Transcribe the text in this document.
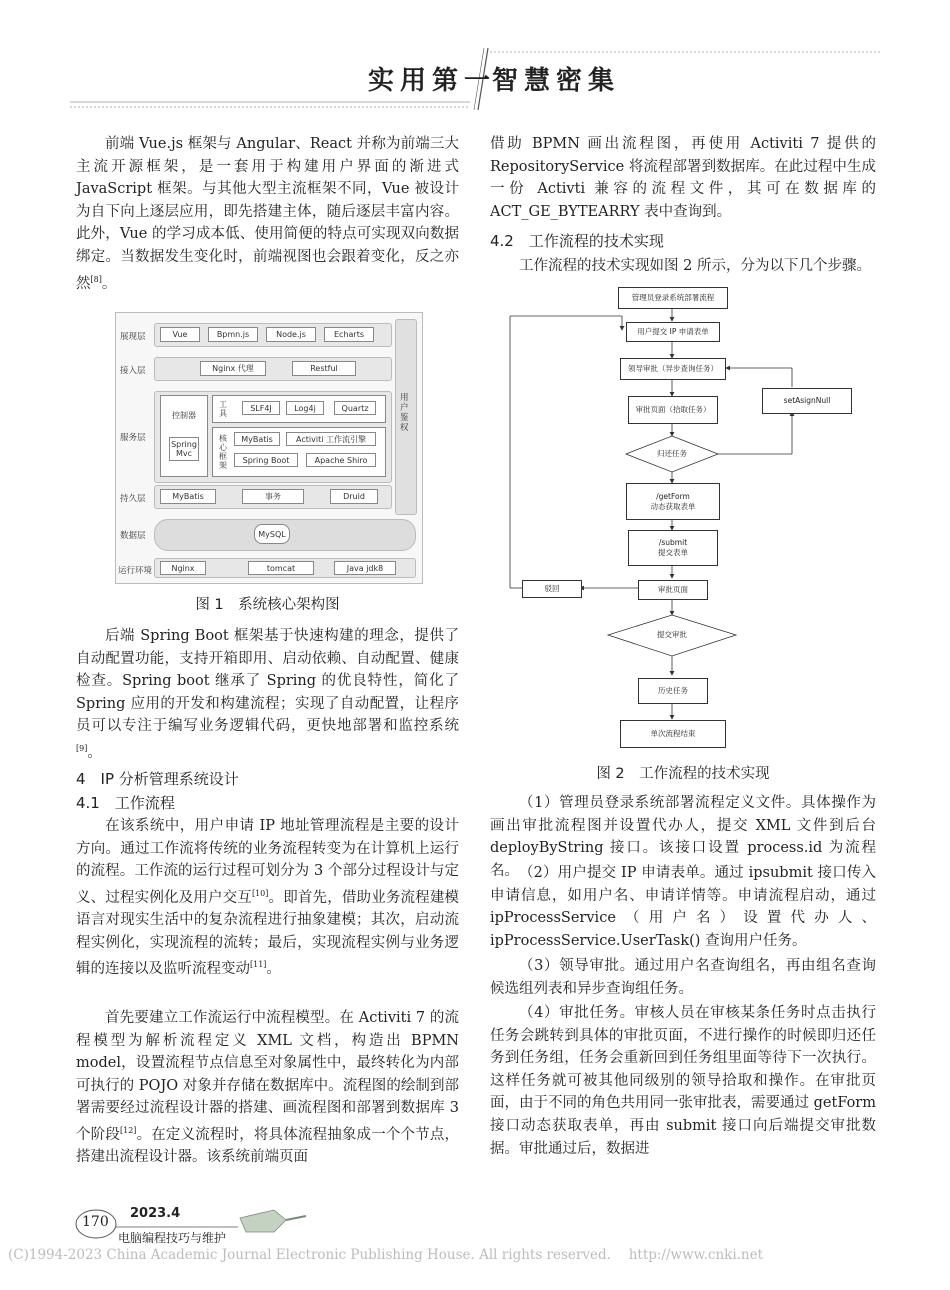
实用第一
智慧密集

前端 Vue.js 框架与 Angular、React 并称为前端三大主流开源框架，是一套用于构建用户界面的渐进式 JavaScript 框架。与其他大型主流框架不同，Vue 被设计为自下向上逐层应用，即先搭建主体，随后逐层丰富内容。此外，Vue 的学习成本低、使用简便的特点可实现双向数据绑定。当数据发生变化时，前端视图也会跟着变化，反之亦然[8]。

展现层
接入层
服务层
持久层
数据层
运行环境
Vue	Bpmn.js	Node.js	Echarts
Nginx 代理	Restful
控制器
Spring Mvc
工具
SLF4J	Log4j	Quartz
核心框架
MyBatis	Activiti 工作流引擎
Spring Boot	Apache Shiro
MyBatis	事务	Druid
MySQL
Nginx	tomcat	Java jdk8
用户鉴权
图 1　系统核心架构图

后端 Spring Boot 框架基于快速构建的理念，提供了自动配置功能，支持开箱即用、启动依赖、自动配置、健康检查。Spring boot 继承了 Spring 的优良特性，简化了 Spring 应用的开发和构建流程；实现了自动配置，让程序员可以专注于编写业务逻辑代码，更快地部署和监控系统[9]。

4　IP 分析管理系统设计
4.1　工作流程

在该系统中，用户申请 IP 地址管理流程是主要的设计方向。通过工作流将传统的业务流程转变为在计算机上运行的流程。工作流的运行过程可划分为 3 个部分过程设计与定义、过程实例化及用户交互[10]。即首先，借助业务流程建模语言对现实生活中的复杂流程进行抽象建模；其次，启动流程实例化，实现流程的流转；最后，实现流程实例与业务逻辑的连接以及监听流程变动[11]。

首先要建立工作流运行中流程模型。在 Activiti 7 的流程模型为解析流程定义 XML 文档，构造出 BPMN model，设置流程节点信息至对象属性中，最终转化为内部可执行的 POJO 对象并存储在数据库中。流程图的绘制到部署需要经过流程设计器的搭建、画流程图和部署到数据库 3 个阶段[12]。在定义流程时，将具体流程抽象成一个个节点，搭建出流程设计器。该系统前端页面

借助 BPMN 画出流程图，再使用 Activiti 7 提供的 RepositoryService 将流程部署到数据库。在此过程中生成一份 Activti 兼容的流程文件，其可在数据库的 ACT_GE_BYTEARRY 表中查询到。

4.2　工作流程的技术实现

工作流程的技术实现如图 2 所示，分为以下几个步骤。

管理员登录系统部署流程
用户提交 IP 申请表单
领导审批（异步查询任务）
审批页面（拾取任务）
归还任务
/getForm
动态获取表单
/submit
提交表单
审批页面
提交审批
历史任务
单次流程结束
驳回
setAsignNull
图 2　工作流程的技术实现

（1）管理员登录系统部署流程定义文件。具体操作为画出审批流程图并设置代办人，提交 XML 文件到后台 deployByString 接口。该接口设置 process.id 为流程名。 （2）用户提交 IP 申请表单。通过 ipsubmit 接口传入申请信息，如用户名、申请详情等。申请流程启动，通过 ipProcessService（用户名）设置代办人、ipProcessService.UserTask() 查询用户任务。

（3）领导审批。通过用户名查询组名，再由组名查询候选组列表和异步查询组任务。

（4）审批任务。审核人员在审核某条任务时点击执行任务会跳转到具体的审批页面，不进行操作的时候即归还任务到任务组，任务会重新回到任务组里面等待下一次执行。这样任务就可被其他同级别的领导拾取和操作。在审批页面，由于不同的角色共用同一张审批表，需要通过 getForm 接口动态获取表单，再由 submit 接口向后端提交审批数据。审批通过后，数据进

170
2023.4
电脑编程技巧与维护
(C)1994-2023 China Academic Journal Electronic Publishing House. All rights reserved.　 http://www.cnki.net
